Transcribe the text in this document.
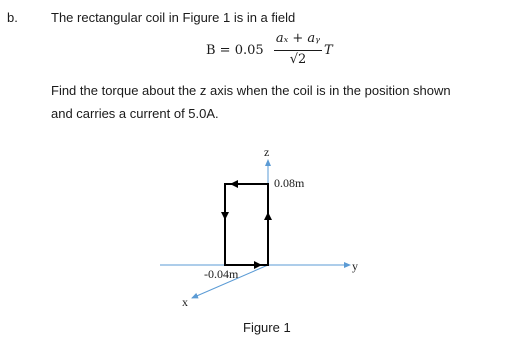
b.	The rectangular coil in Figure 1 is in a field
B = 0.05
aₓ + aᵧ
√2
T
Find the torque about the z axis when the coil is in the position shown
and carries a current of 5.0A.
z
y
x
0.08m
-0.04m
Figure 1
